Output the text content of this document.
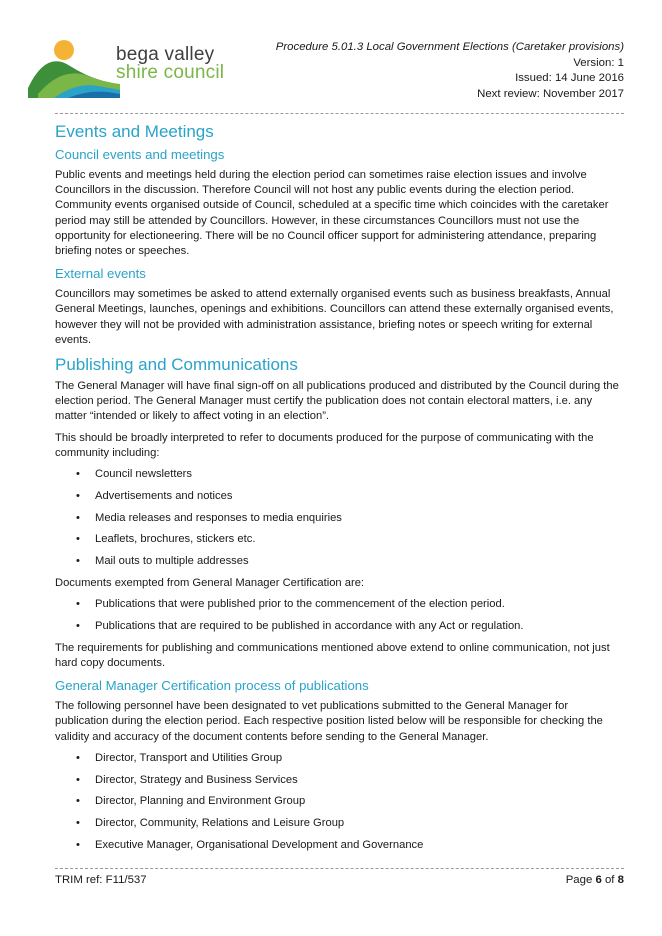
bega valley
shire council
Procedure 5.01.3 Local Government Elections (Caretaker provisions)
Version: 1
Issued: 14 June 2016
Next review: November 2017
Events and Meetings
Council events and meetings

Public events and meetings held during the election period can sometimes raise election issues and involve Councillors in the discussion. Therefore Council will not host any public events during the election period. Community events organised outside of Council, scheduled at a specific time which coincides with the caretaker period may still be attended by Councillors. However, in these circumstances Councillors must not use the opportunity for electioneering. There will be no Council officer support for administering attendance, preparing briefing notes or speeches.

External events

Councillors may sometimes be asked to attend externally organised events such as business breakfasts, Annual General Meetings, launches, openings and exhibitions. Councillors can attend these externally organised events, however they will not be provided with administration assistance, briefing notes or speech writing for external events.

Publishing and Communications

The General Manager will have final sign-off on all publications produced and distributed by the Council during the election period. The General Manager must certify the publication does not contain electoral matters, i.e. any matter “intended or likely to affect voting in an election”.

This should be broadly interpreted to refer to documents produced for the purpose of communicating with the community including:

• Council newsletters
• Advertisements and notices
• Media releases and responses to media enquiries
• Leaflets, brochures, stickers etc.
• Mail outs to multiple addresses

Documents exempted from General Manager Certification are:

• Publications that were published prior to the commencement of the election period.
• Publications that are required to be published in accordance with any Act or regulation.

The requirements for publishing and communications mentioned above extend to online communication, not just hard copy documents.

General Manager Certification process of publications

The following personnel have been designated to vet publications submitted to the General Manager for publication during the election period. Each respective position listed below will be responsible for checking the validity and accuracy of the document contents before sending to the General Manager.

• Director, Transport and Utilities Group
• Director, Strategy and Business Services
• Director, Planning and Environment Group
• Director, Community, Relations and Leisure Group
• Executive Manager, Organisational Development and Governance
TRIM ref: F11/537	Page 6 of 8
